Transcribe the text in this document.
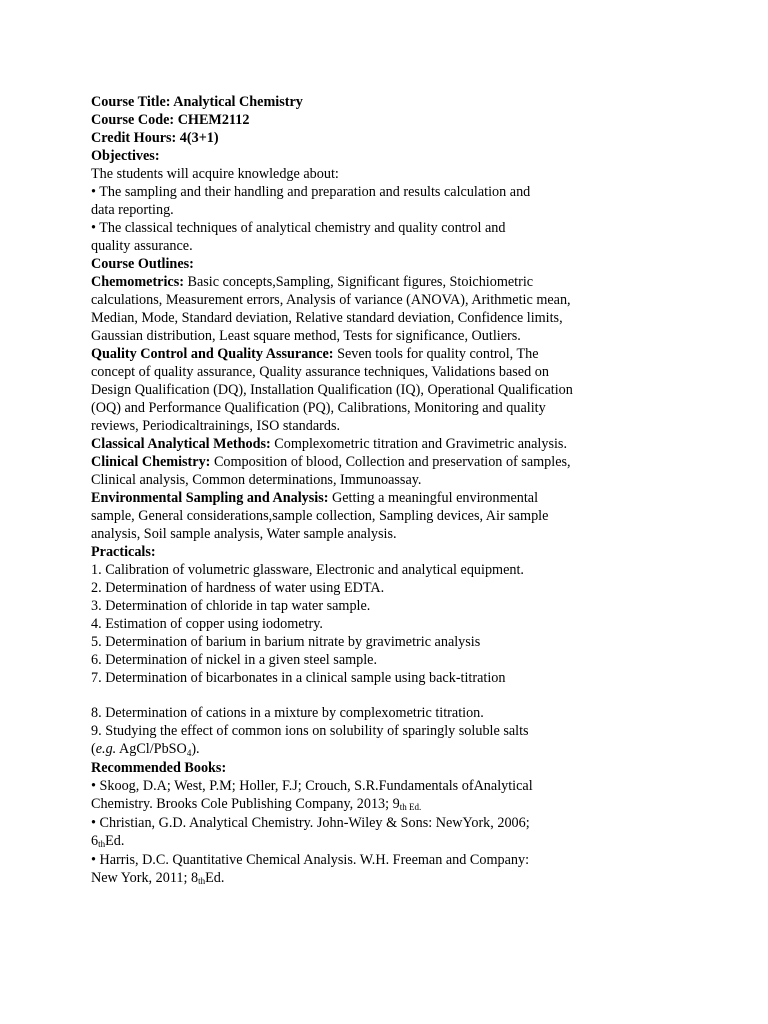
Course Title: Analytical Chemistry
Course Code: CHEM2112
Credit Hours: 4(3+1)
Objectives:
The students will acquire knowledge about:
• The sampling and their handling and preparation and results calculation and
data reporting.
• The classical techniques of analytical chemistry and quality control and
quality assurance.
Course Outlines:
Chemometrics: Basic concepts,Sampling, Significant figures, Stoichiometric
calculations, Measurement errors, Analysis of variance (ANOVA), Arithmetic mean,
Median, Mode, Standard deviation, Relative standard deviation, Confidence limits,
Gaussian distribution, Least square method, Tests for significance, Outliers.
Quality Control and Quality Assurance: Seven tools for quality control, The
concept of quality assurance, Quality assurance techniques, Validations based on
Design Qualification (DQ), Installation Qualification (IQ), Operational Qualification
(OQ) and Performance Qualification (PQ), Calibrations, Monitoring and quality
reviews, Periodicaltrainings, ISO standards.
Classical Analytical Methods: Complexometric titration and Gravimetric analysis.
Clinical Chemistry: Composition of blood, Collection and preservation of samples,
Clinical analysis, Common determinations, Immunoassay.
Environmental Sampling and Analysis: Getting a meaningful environmental
sample, General considerations,sample collection, Sampling devices, Air sample
analysis, Soil sample analysis, Water sample analysis.
Practicals:
1. Calibration of volumetric glassware, Electronic and analytical equipment.
2. Determination of hardness of water using EDTA.
3. Determination of chloride in tap water sample.
4. Estimation of copper using iodometry.
5. Determination of barium in barium nitrate by gravimetric analysis
6. Determination of nickel in a given steel sample.
7. Determination of bicarbonates in a clinical sample using back-titration
8. Determination of cations in a mixture by complexometric titration.
9. Studying the effect of common ions on solubility of sparingly soluble salts
(e.g. AgCl/PbSO$_4$).
Recommended Books:
• Skoog, D.A; West, P.M; Holler, F.J; Crouch, S.R.Fundamentals ofAnalytical
Chemistry. Brooks Cole Publishing Company, 2013; $9^{th Ed.}$
• Christian, G.D. Analytical Chemistry. John-Wiley & Sons: NewYork, 2006;
6thEd.
• Harris, D.C. Quantitative Chemical Analysis. W.H. Freeman and Company:
New York, 2011; 8thEd.
